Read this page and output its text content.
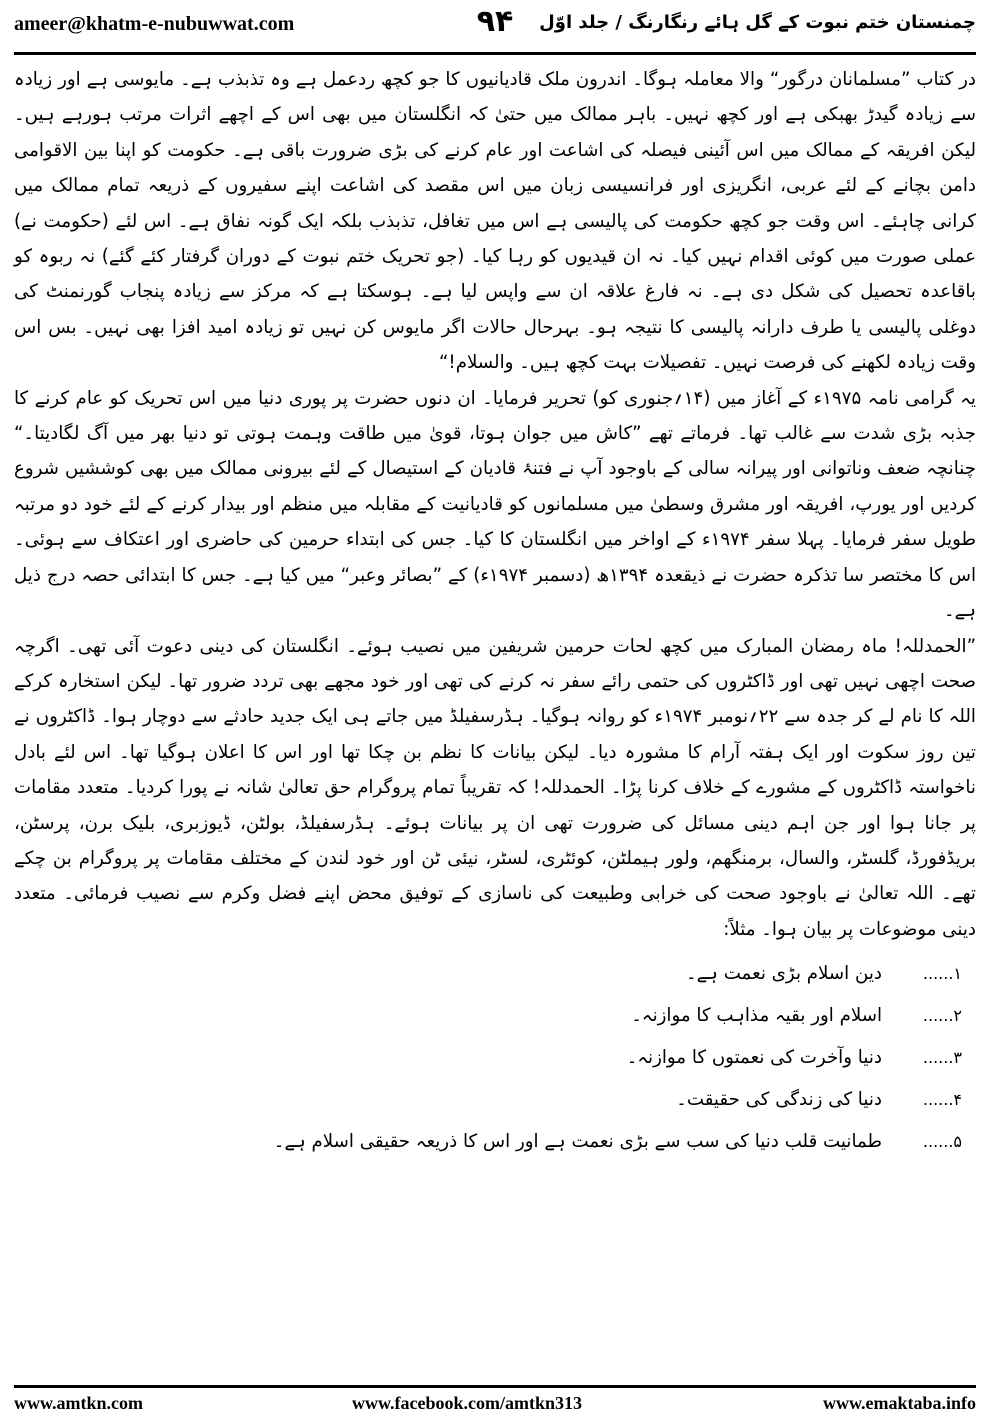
ameer@khatm-e-nubuwwat.com	۹۴	چمنستان ختم نبوت کے گل ہائے رنگارنگ / جلد اوّل

در کتاب ”مسلمانان درگور“ والا معاملہ ہوگا۔ اندرون ملک قادیانیوں کا جو کچھ ردعمل ہے وہ تذبذب ہے۔ مایوسی ہے اور زیادہ سے زیادہ گیدڑ بھبکی ہے اور کچھ نہیں۔ باہر ممالک میں حتیٰ کہ انگلستان میں بھی اس کے اچھے اثرات مرتب ہورہے ہیں۔ لیکن افریقہ کے ممالک میں اس آئینی فیصلہ کی اشاعت اور عام کرنے کی بڑی ضرورت باقی ہے۔ حکومت کو اپنا بین الاقوامی دامن بچانے کے لئے عربی، انگریزی اور فرانسیسی زبان میں اس مقصد کی اشاعت اپنے سفیروں کے ذریعہ تمام ممالک میں کرانی چاہئے۔ اس وقت جو کچھ حکومت کی پالیسی ہے اس میں تغافل، تذبذب بلکہ ایک گونہ نفاق ہے۔ اس لئے (حکومت نے) عملی صورت میں کوئی اقدام نہیں کیا۔ نہ ان قیدیوں کو رہا کیا۔ (جو تحریک ختم نبوت کے دوران گرفتار کئے گئے) نہ ربوہ کو باقاعدہ تحصیل کی شکل دی ہے۔ نہ فارغ علاقہ ان سے واپس لیا ہے۔ ہوسکتا ہے کہ مرکز سے زیادہ پنجاب گورنمنٹ کی دوغلی پالیسی یا طرف دارانہ پالیسی کا نتیجہ ہو۔ بہرحال حالات اگر مایوس کن نہیں تو زیادہ امید افزا بھی نہیں۔ بس اس وقت زیادہ لکھنے کی فرصت نہیں۔ تفصیلات بہت کچھ ہیں۔ والسلام!“

یہ گرامی نامہ ۱۹۷۵ء کے آغاز میں (۱۴؍جنوری کو) تحریر فرمایا۔ ان دنوں حضرت پر پوری دنیا میں اس تحریک کو عام کرنے کا جذبہ بڑی شدت سے غالب تھا۔ فرماتے تھے ”کاش میں جوان ہوتا، قویٰ میں طاقت وہمت ہوتی تو دنیا بھر میں آگ لگادیتا۔“ چنانچہ ضعف وناتوانی اور پیرانہ سالی کے باوجود آپ نے فتنۂ قادیان کے استیصال کے لئے بیرونی ممالک میں بھی کوششیں شروع کردیں اور یورپ، افریقہ اور مشرق وسطیٰ میں مسلمانوں کو قادیانیت کے مقابلہ میں منظم اور بیدار کرنے کے لئے خود دو مرتبہ طویل سفر فرمایا۔ پہلا سفر ۱۹۷۴ء کے اواخر میں انگلستان کا کیا۔ جس کی ابتداء حرمین کی حاضری اور اعتکاف سے ہوئی۔ اس کا مختصر سا تذکرہ حضرت نے ذیقعدہ ۱۳۹۴ھ (دسمبر ۱۹۷۴ء) کے ”بصائر وعبر“ میں کیا ہے۔ جس کا ابتدائی حصہ درج ذیل ہے۔

”الحمدللہ! ماہ رمضان المبارک میں کچھ لحات حرمین شریفین میں نصیب ہوئے۔ انگلستان کی دینی دعوت آئی تھی۔ اگرچہ صحت اچھی نہیں تھی اور ڈاکٹروں کی حتمی رائے سفر نہ کرنے کی تھی اور خود مجھے بھی تردد ضرور تھا۔ لیکن استخارہ کرکے اللہ کا نام لے کر جدہ سے ۲۲؍نومبر ۱۹۷۴ء کو روانہ ہوگیا۔ ہڈرسفیلڈ میں جاتے ہی ایک جدید حادثے سے دوچار ہوا۔ ڈاکٹروں نے تین روز سکوت اور ایک ہفتہ آرام کا مشورہ دیا۔ لیکن بیانات کا نظم بن چکا تھا اور اس کا اعلان ہوگیا تھا۔ اس لئے بادل ناخواستہ ڈاکٹروں کے مشورے کے خلاف کرنا پڑا۔ الحمدللہ! کہ تقریباً تمام پروگرام حق تعالیٰ شانہ نے پورا کردیا۔ متعدد مقامات پر جانا ہوا اور جن اہم دینی مسائل کی ضرورت تھی ان پر بیانات ہوئے۔ ہڈرسفیلڈ، بولٹن، ڈیوزبری، بلیک برن، پرسٹن، بریڈفورڈ، گلسٹر، والسال، برمنگھم، ولور ہیملٹن، کوئٹری، لسٹر، نیئی ٹن اور خود لندن کے مختلف مقامات پر پروگرام بن چکے تھے۔ اللہ تعالیٰ نے باوجود صحت کی خرابی وطبیعت کی ناسازی کے توفیق محض اپنے فضل وکرم سے نصیب فرمائی۔ متعدد دینی موضوعات پر بیان ہوا۔ مثلاً:

۱......
دین اسلام بڑی نعمت ہے۔
۲......
اسلام اور بقیہ مذاہب کا موازنہ۔
۳......
دنیا وآخرت کی نعمتوں کا موازنہ۔
۴......
دنیا کی زندگی کی حقیقت۔
۵......
طمانیت قلب دنیا کی سب سے بڑی نعمت ہے اور اس کا ذریعہ حقیقی اسلام ہے۔
www.amtkn.com	www.facebook.com/amtkn313	www.emaktaba.info
